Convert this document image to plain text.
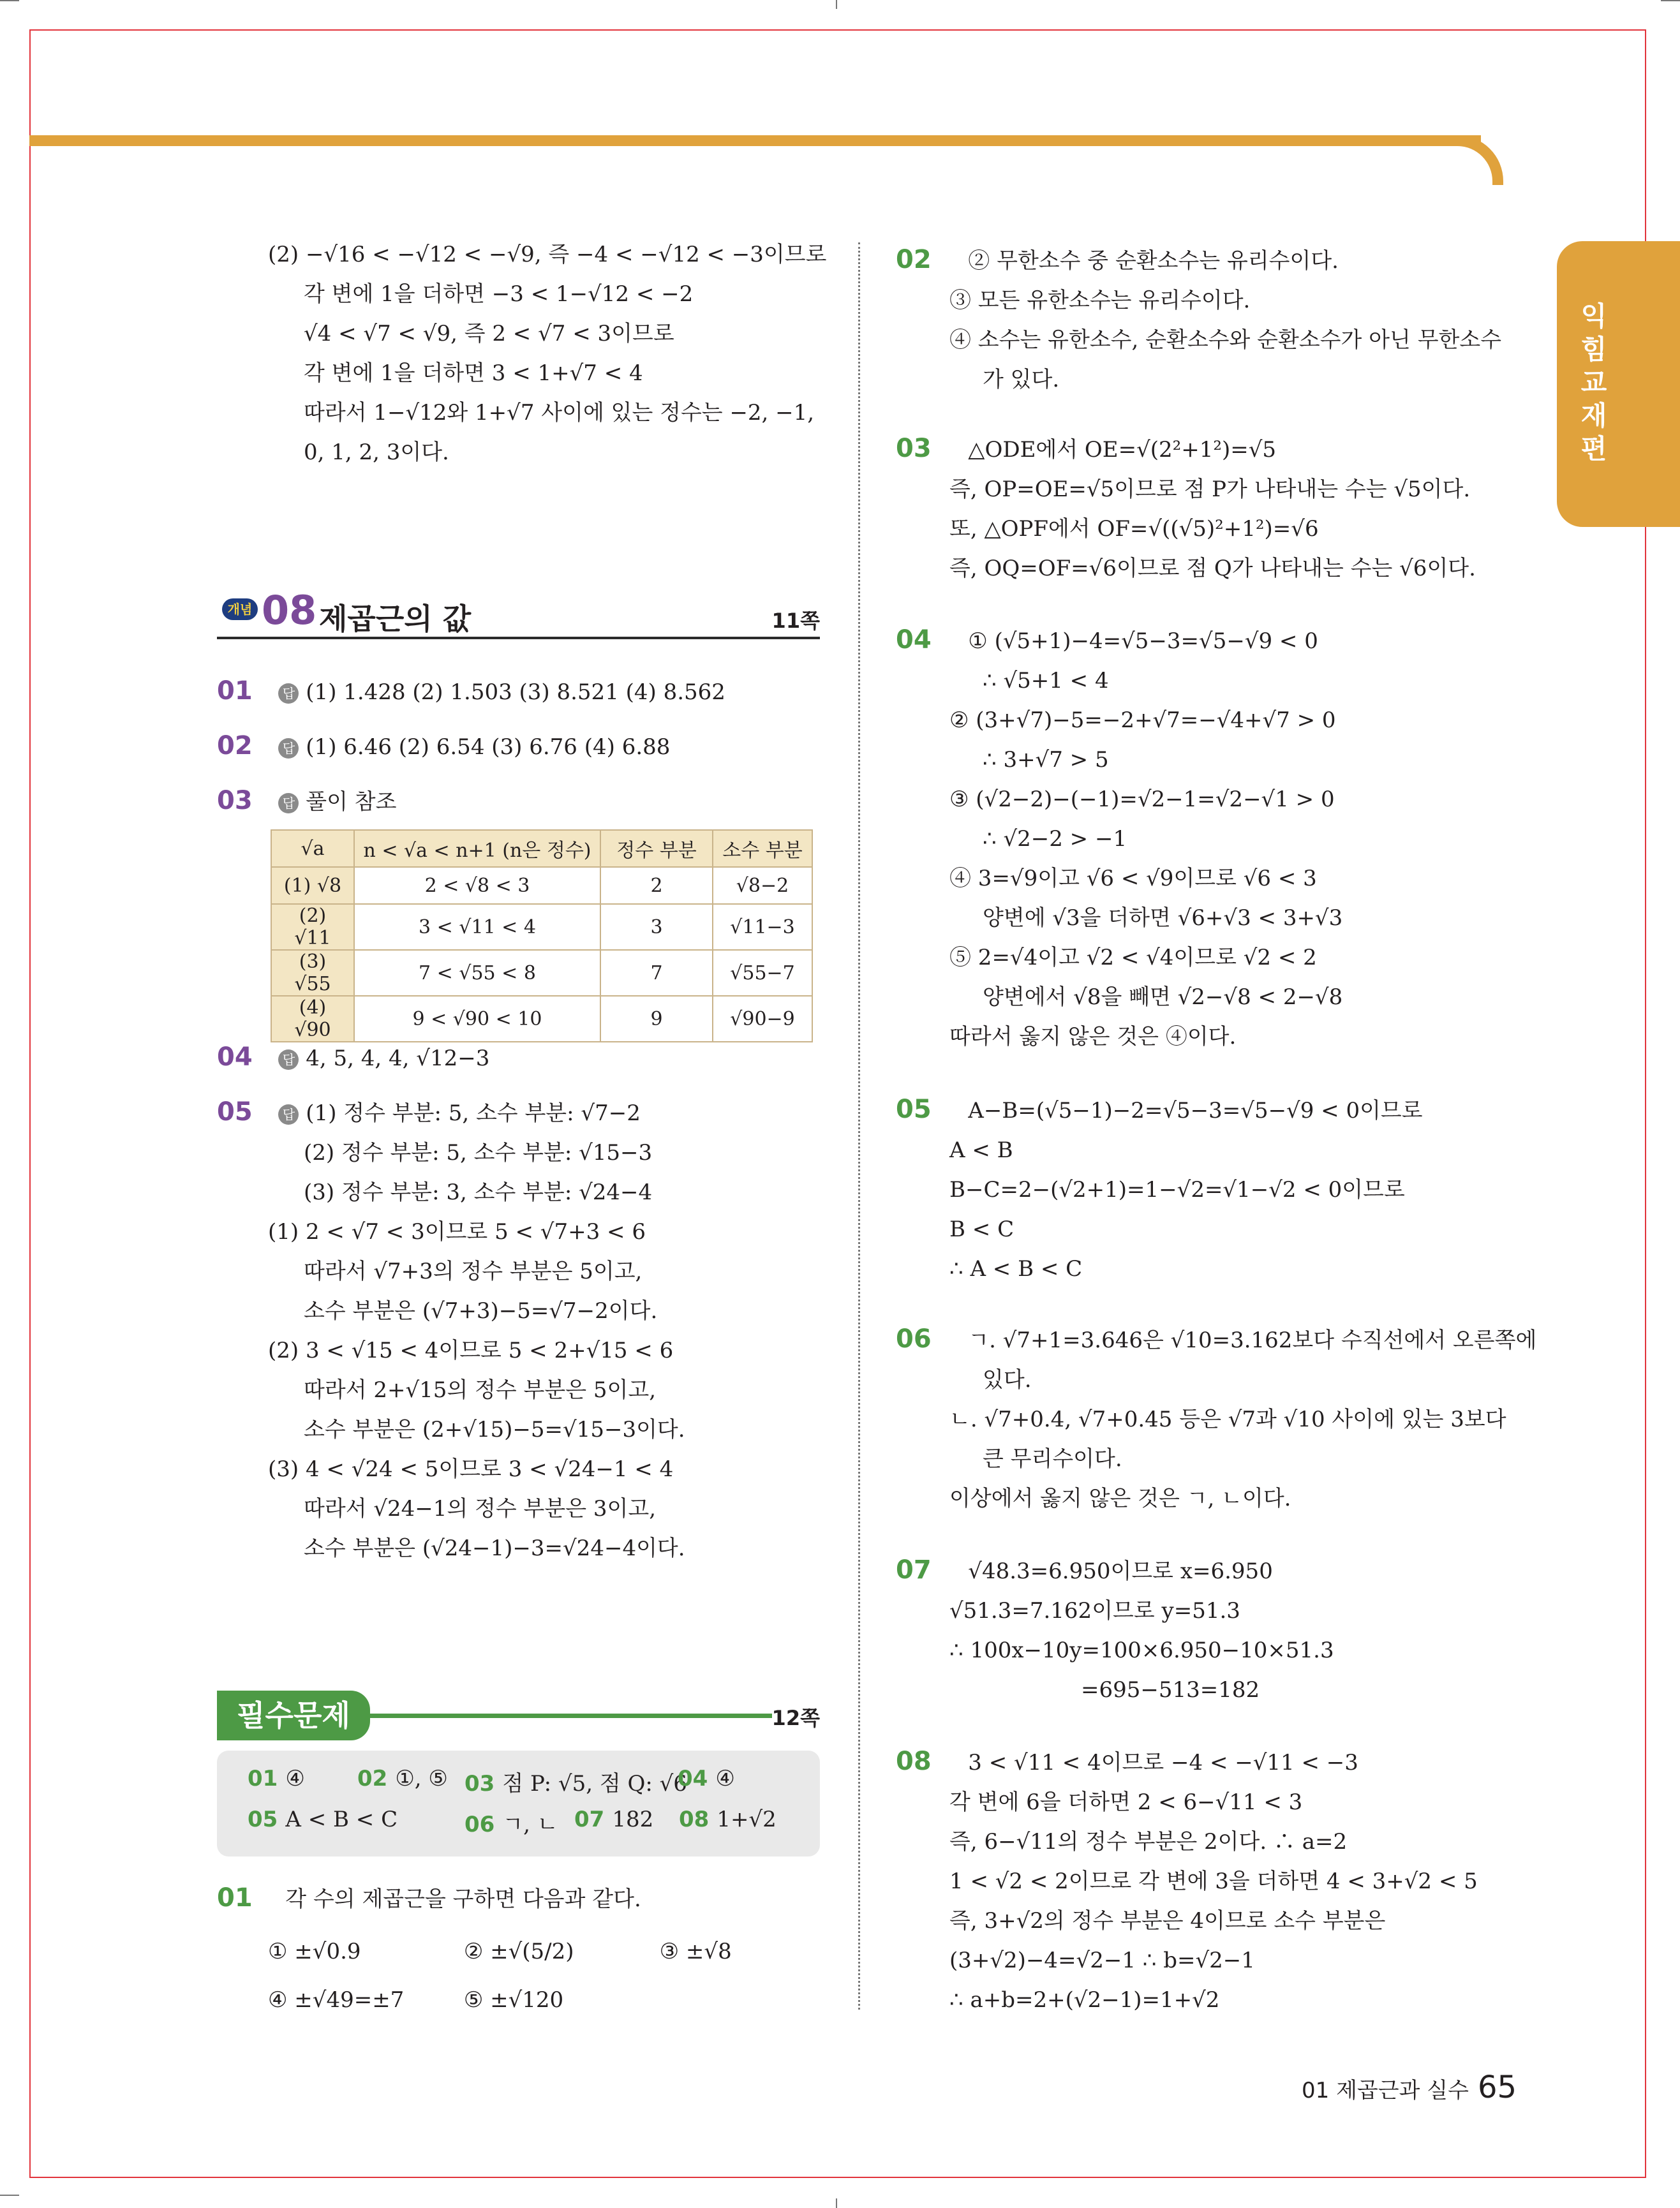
익
힘
교
재
편
(2) −√16 < −√12 < −√9, 즉 −4 < −√12 < −3이므로
각 변에 1을 더하면 −3 < 1−√12 < −2
√4 < √7 < √9, 즉 2 < √7 < 3이므로
각 변에 1을 더하면 3 < 1+√7 < 4
따라서 1−√12와 1+√7 사이에 있는 정수는 −2, −1,
0, 1, 2, 3이다.
개념 08 제곱근의 값	11쪽
01 답 (1) 1.428 (2) 1.503 (3) 8.521 (4) 8.562
02 답 (1) 6.46 (2) 6.54 (3) 6.76 (4) 6.88
03 답 풀이 참조
√a	n < √a < n+1 (n은 정수)	정수 부분	소수 부분
(1) √8	2 < √8 < 3	2	√8−2
(2) √11	3 < √11 < 4	3	√11−3
(3) √55	7 < √55 < 8	7	√55−7
(4) √90	9 < √90 < 10	9	√90−9
04 답 4, 5, 4, 4, √12−3
05 답 (1) 정수 부분: 5, 소수 부분: √7−2
(2) 정수 부분: 5, 소수 부분: √15−3
(3) 정수 부분: 3, 소수 부분: √24−4
(1) 2 < √7 < 3이므로 5 < √7+3 < 6
따라서 √7+3의 정수 부분은 5이고,
소수 부분은 (√7+3)−5=√7−2이다.
(2) 3 < √15 < 4이므로 5 < 2+√15 < 6
따라서 2+√15의 정수 부분은 5이고,
소수 부분은 (2+√15)−5=√15−3이다.
(3) 4 < √24 < 5이므로 3 < √24−1 < 4
따라서 √24−1의 정수 부분은 3이고,
소수 부분은 (√24−1)−3=√24−4이다.
필수문제	12쪽
01 ④ 02 ①, ⑤ 03 점 P: √5, 점 Q: √6
04 ④
05 A < B < C	06 ㄱ, ㄴ 07 182 08 1+√2
01 각 수의 제곱근을 구하면 다음과 같다.
① ±√0.9	② ±√(5/2)	③ ±√8
④ ±√49=±7	⑤ ±√120
02 ② 무한소수 중 순환소수는 유리수이다.
③ 모든 유한소수는 유리수이다.
④ 소수는 유한소수, 순환소수와 순환소수가 아닌 무한소수
가 있다.
03 △ODE에서 OE=√(2²+1²)=√5
즉, OP=OE=√5이므로 점 P가 나타내는 수는 √5이다.
또, △OPF에서 OF=√((√5)²+1²)=√6
즉, OQ=OF=√6이므로 점 Q가 나타내는 수는 √6이다.
04 ① (√5+1)−4=√5−3=√5−√9 < 0
∴ √5+1 < 4
② (3+√7)−5=−2+√7=−√4+√7 > 0
∴ 3+√7 > 5
③ (√2−2)−(−1)=√2−1=√2−√1 > 0
∴ √2−2 > −1
④ 3=√9이고 √6 < √9이므로 √6 < 3
양변에 √3을 더하면 √6+√3 < 3+√3
⑤ 2=√4이고 √2 < √4이므로 √2 < 2
양변에서 √8을 빼면 √2−√8 < 2−√8
따라서 옳지 않은 것은 ④이다.
05 A−B=(√5−1)−2=√5−3=√5−√9 < 0이므로
A < B
B−C=2−(√2+1)=1−√2=√1−√2 < 0이므로
B < C
∴ A < B < C
06 ㄱ. √7+1=3.646은 √10=3.162보다 수직선에서 오른쪽에
있다.
ㄴ. √7+0.4, √7+0.45 등은 √7과 √10 사이에 있는 3보다
큰 무리수이다.
이상에서 옳지 않은 것은 ㄱ, ㄴ이다.
07 √48.3=6.950이므로 x=6.950
√51.3=7.162이므로 y=51.3
∴ 100x−10y=100×6.950−10×51.3
=695−513=182
08 3 < √11 < 4이므로 −4 < −√11 < −3
각 변에 6을 더하면 2 < 6−√11 < 3
즉, 6−√11의 정수 부분은 2이다. ∴ a=2
1 < √2 < 2이므로 각 변에 3을 더하면 4 < 3+√2 < 5
즉, 3+√2의 정수 부분은 4이므로 소수 부분은
(3+√2)−4=√2−1 ∴ b=√2−1
∴ a+b=2+(√2−1)=1+√2
01 제곱근과 실수 65
